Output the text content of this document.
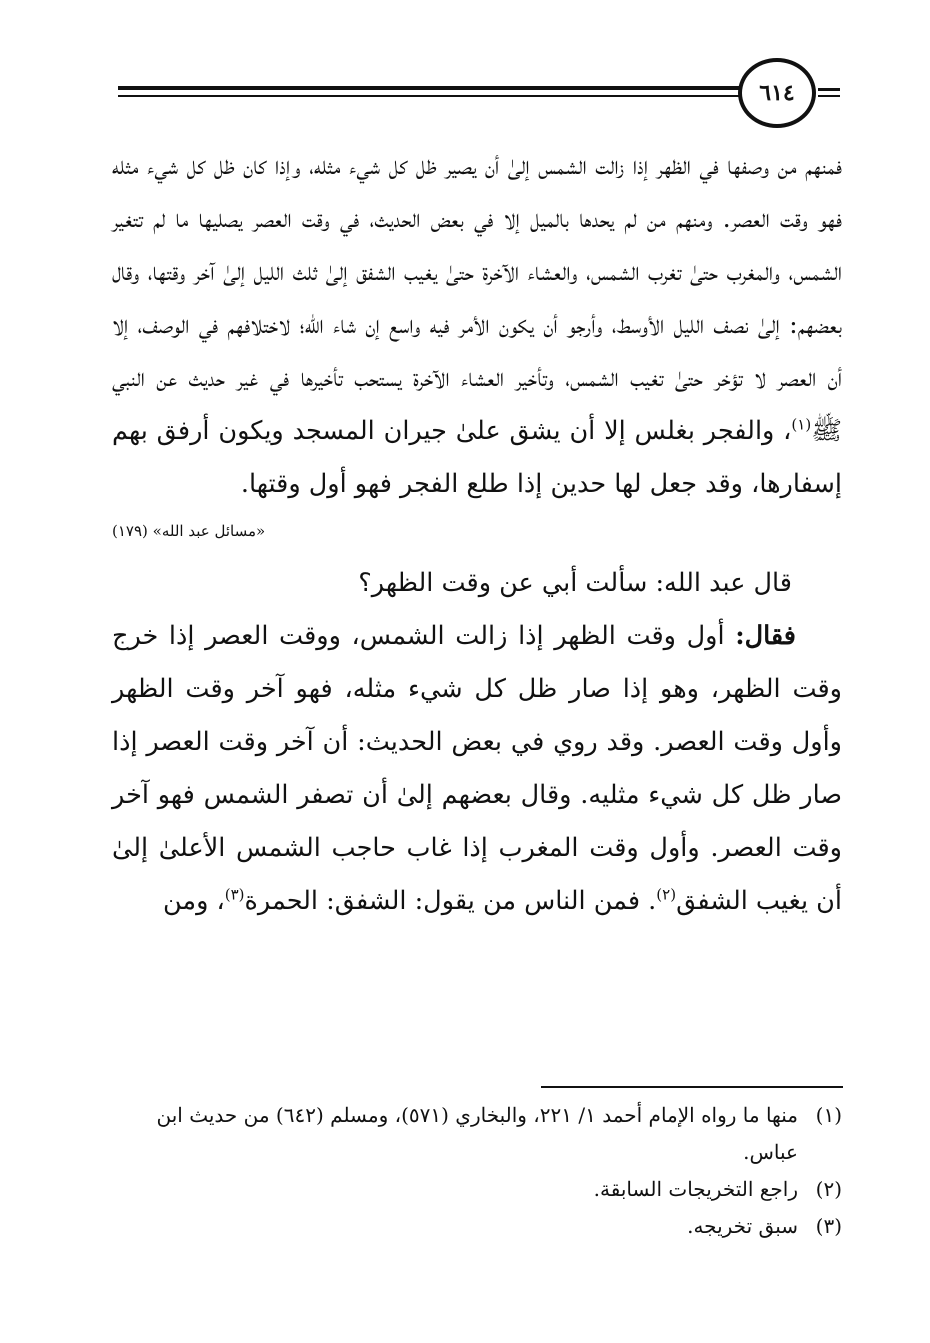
٦١٤

فمنهم من وصفها في الظهر إذا زالت الشمس إلىٰ أن يصير ظل كل شيء مثله، وإذا كان ظل كل شيء مثله فهو وقت العصر. ومنهم من لم يحدها بالميل إلا في بعض الحديث، في وقت العصر يصليها ما لم تتغير الشمس، والمغرب حتىٰ تغرب الشمس، والعشاء الآخرة حتىٰ يغيب الشفق إلىٰ ثلث الليل إلىٰ آخر وقتها، وقال بعضهم: إلىٰ نصف الليل الأوسط، وأرجو أن يكون الأمر فيه واسع إن شاء الله؛ لاختلافهم في الوصف، إلا أن العصر لا تؤخر حتىٰ تغيب الشمس، وتأخير العشاء الآخرة يستحب تأخيرها في غير حديث عن النبي ﷺ$^{(١)}$، والفجر بغلس إلا أن يشق علىٰ جيران المسجد ويكون أرفق بهم إسفارها، وقد جعل لها حدين إذا طلع الفجر فهو أول وقتها.

«مسائل عبد الله» (١٧٩)

قال عبد الله: سألت أبي عن وقت الظهر؟

فقال: أول وقت الظهر إذا زالت الشمس، ووقت العصر إذا خرج وقت الظهر، وهو إذا صار ظل كل شيء مثله، فهو آخر وقت الظهر وأول وقت العصر. وقد روي في بعض الحديث: أن آخر وقت العصر إذا صار ظل كل شيء مثليه. وقال بعضهم إلىٰ أن تصفر الشمس فهو آخر وقت العصر. وأول وقت المغرب إذا غاب حاجب الشمس الأعلىٰ إلىٰ أن يغيب الشفق$^{(٢)}$. فمن الناس من يقول: الشفق: الحمرة$^{(٣)}$، ومن

(١)
منها ما رواه الإمام أحمد ١/ ٢٢١، والبخاري (٥٧١)، ومسلم (٦٤٢) من حديث ابن عباس.
(٢)
راجع التخريجات السابقة.
(٣)
سبق تخريجه.
